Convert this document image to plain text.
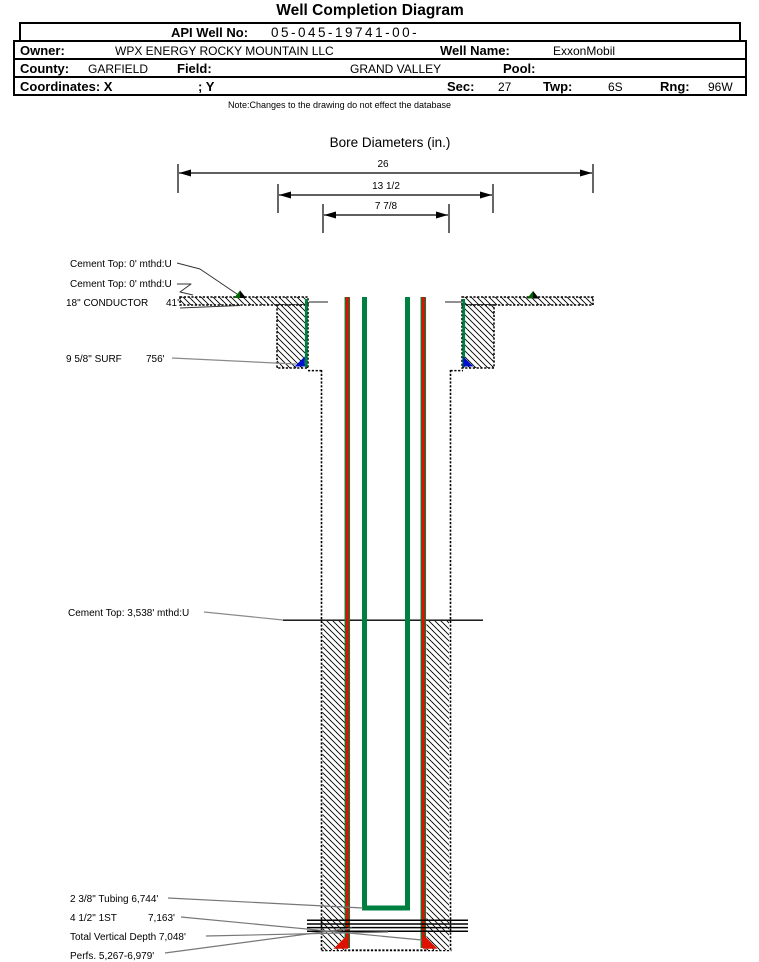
Well Completion Diagram
API Well No: 05-045-19741-00-
Owner:	WPX ENERGY ROCKY MOUNTAIN LLC	Well Name:	ExxonMobil
County: GARFIELD Field:	GRAND VALLEY	Pool:
Coordinates: X	; Y	Sec: 27 Twp:	6S	Rng: 96W
Note:Changes to the drawing do not effect the database
Bore Diameters (in.)
26
13 1/2
7 7/8
Cement Top: 0' mthd:U
Cement Top: 0' mthd:U
18" CONDUCTOR 41'
9 5/8" SURF 756'
Cement Top: 3,538' mthd:U
2 3/8" Tubing 6,744'
4 1/2" 1ST	7,163'
Total Vertical Depth 7,048'
Perfs. 5,267-6,979'
